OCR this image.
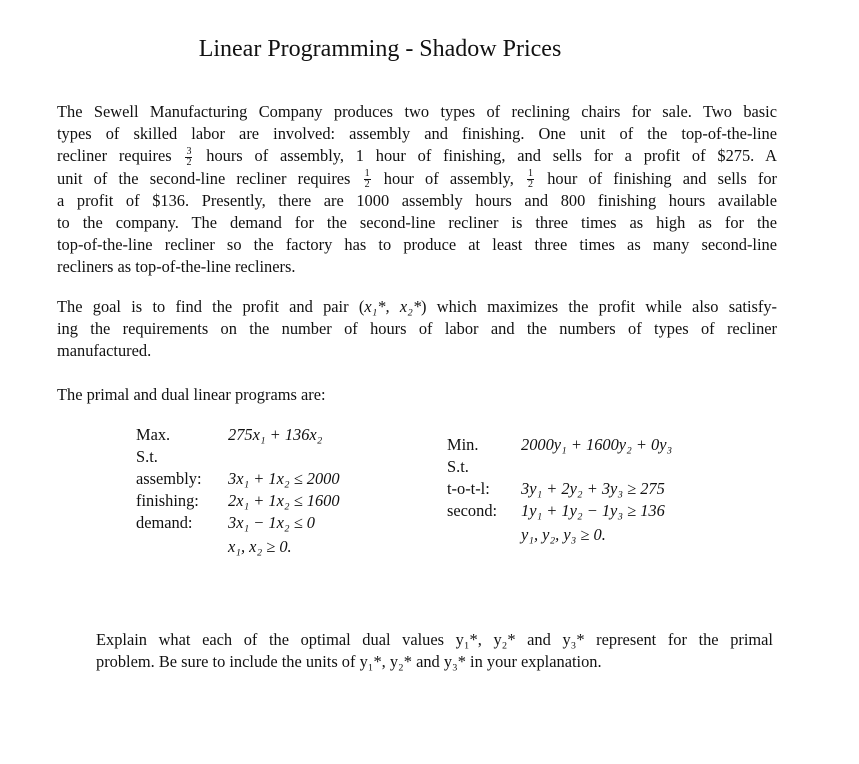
Linear Programming - Shadow Prices

The Sewell Manufacturing Company produces two types of reclining chairs for sale. Two basic
types of skilled labor are involved: assembly and finishing. One unit of the top-of-the-line
recliner requires $\frac{3}{2}$ hours of assembly, 1 hour of finishing, and sells for a profit of $275. A
unit of the second-line recliner requires $\frac{1}{2}$ hour of assembly, $\frac{1}{2}$ hour of finishing and sells for
a profit of $136. Presently, there are 1000 assembly hours and 800 finishing hours available
to the company. The demand for the second-line recliner is three times as high as for the
top-of-the-line recliner so the factory has to produce at least three times as many second-line
recliners as top-of-the-line recliners.

The goal is to find the profit and pair (x₁*, x₂*) which maximizes the profit while also satisfy-
ing the requirements on the number of hours of labor and the numbers of types of recliner
manufactured.

The primal and dual linear programs are:

Max.	275x₁ + 136x₂
S.t.
assembly: 3x₁ + 1x₂ ≤ 2000
finishing: 2x₁ + 1x₂ ≤ 1600
demand: 3x₁ − 1x₂ ≤ 0
x₁, x₂ ≥ 0.
Min.	2000y₁ + 1600y₂ + 0y₃
S.t.
t-o-t-l: 3y₁ + 2y₂ + 3y₃ ≥ 275
second: 1y₁ + 1y₂ − 1y₃ ≥ 136
y₁, y₂, y₃ ≥ 0.

Explain what each of the optimal dual values y₁*, y₂* and y₃* represent for the primal
problem. Be sure to include the units of y₁*, y₂* and y₃* in your explanation.
